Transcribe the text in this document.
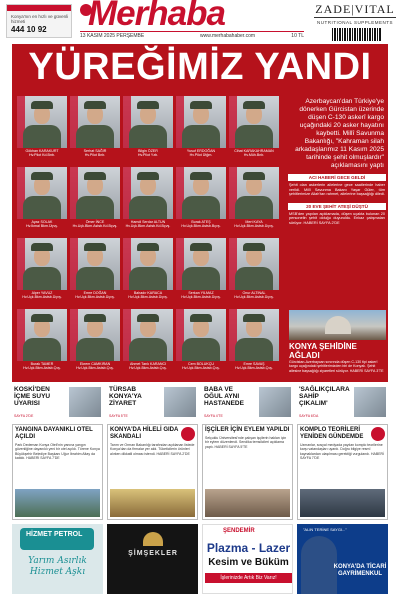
Konya'nın en hızlı ve güvenli hizmeti
444 10 92 Merhaba
13 KASIM 2025 PERŞEMBE	www.merhabahaber.com	10 TL
ZADE|VITAL
NUTRITIONAL SUPPLEMENTS
YÜREĞİMİZ YANDI
Gökhan KARAKURT
Hv.Pilot Kd.Bnb.
Serhat SAĞIR
Hv.Pilot Bnb.
Bilgin ÖZER
Hv.Pilot Yzb.
Yusuf ERDOĞAN
Hv.Pilot Ütğm.
Cihat KARAKAHRAMAN
Hv.Müh.Bnb.
Ayaz SOLAK
Hv.İkmal Bkm.Üçvş.
Ömer İNCE
Hv.Uçk.Bkm.Astsb.Kd.Bçvş.
Hamdi Serdar ALTUN
Hv.Uçk.Bkm.Astsb.Kd.Bçvş.
Burak ATEŞ
Hv.Uçk.Bkm.Astsb.Bçvş.
Mert KAYA
Hv.Uçk.Bkm.Astsb.Üçvş.
Alper YAVUZ
Hv.Uçk.Bkm.Astsb.Üçvş.
Emre DOĞAN
Hv.Uçk.Bkm.Astsb.Üçvş.
Bahadır KARACA
Hv.Uçk.Bkm.Astsb.Üçvş.
Serkan YILMAZ
Hv.Uçk.Bkm.Astsb.Üçvş.
Onur ALTINAL
Hv.Uçk.Bkm.Astsb.Üçvş.
Burak TAMER
Hv.Uçk.Bkm.Astsb.Çvş.
Ekrem CAMKIRAN
Hv.Uçk.Bkm.Astsb.Çvş.
Ahmet Tarık KARANCI
Hv.Uçk.Bkm.Astsb.Çvş.
Cem BOLUKÇU
Hv.Uçk.Bkm.Astsb.Çvş.
Emre SAVAŞ
Hv.Uçk.Bkm.Astsb.Çvş.
Azerbaycan'dan Türkiye'ye dönerken Gürcistan üzerinde düşen C-130 askerî kargo uçağındaki 20 asker hayatını kaybetti. Millî Savunma Bakanlığı, "Kahraman silah arkadaşlarımız 11 Kasım 2025 tarihinde şehit olmuşlardır" açıklamasını yaptı
ACI HABERİ GECE GELDİ
Şehit olan askerlerin ailelerine gece saatlerinde haber verildi. Millî Savunma Bakanı Yaşar Güler, tüm şehitlerimize Allah'tan rahmet, ailelerine başsağlığı diledi.
20 EVE ŞEHİT ATEŞİ DÜŞTÜ
MSB'den yapılan açıklamada, düşen uçakta bulunan 20 personelin şehit olduğu duyuruldu. Enkaz çalışmaları sürüyor. HABERİ SAYFA 2'DE
KONYA ŞEHİDİNE AĞLADI
Gürcistan-Azerbaycan sınırında düşen C-130 tipi askerî kargo uçağındaki şehitlerimizden biri de Konyalı. Şehit ailesine başsağlığı ziyaretleri sürüyor. HABERİ SAYFA 3'TE
KOSKİ'DEN
İÇME SUYU
UYARISI
SAYFA 2'DE
TÜRSAB
KONYA'YA
ZİYARET
SAYFA 5'TE
BABA VE
OĞUL AYNI
HASTANEDE
SAYFA 4'TE
'SAĞLIKÇILARA
SAHİP
ÇIKALIM'
SAYFA 6'DA
YANGINA DAYANIKLI OTEL AÇILDI
Park Dedeman Konya Oteli'nin yanına yangın güvenliğine dayanıklı yeni bir otel açıldı. Törene Konya Büyükşehir Belediye Başkanı Uğur İbrahim Altay da katıldı. HABERİ SAYFA 7'DE
KONYA'DA HİLELİ GIDA SKANDALI
Tarım ve Orman Bakanlığı tarafından açıklanan listede Konya'dan da firmalar yer aldı. Tüketicilerin ürünleri alırken dikkatli olması istendi. HABERİ SAYFA 2'DE
İŞÇİLER İÇİN EYLEM YAPILDI
Selçuklu Üniversitesi'nde çalışan işçilerin hakları için bir eylem düzenlendi. Sendika temsilcileri açıklama yaptı. HABERİ SAYFA 5'TE
KOMPLO TEORİLERİ YENİDEN GÜNDEMDE
Uzmanlar, sosyal medyada yayılan komplo teorilerine karşı vatandaşları uyardı. Doğru bilgiye resmî kaynaklardan ulaşılması gerektiği vurgulandı. HABERİ SAYFA 7'DE
HİZMET PETROL
Yarım Asırlık Hizmet Aşkı
ŞİMŞEKLER
ŞENDEMİR
Plazma - Lazer
Kesim ve Büküm
İşlerinizde Artık Biz Varız!
"ALIN TERİNE SAYGI..."
KONYA'DA TİCARİ GAYRİMENKUL
